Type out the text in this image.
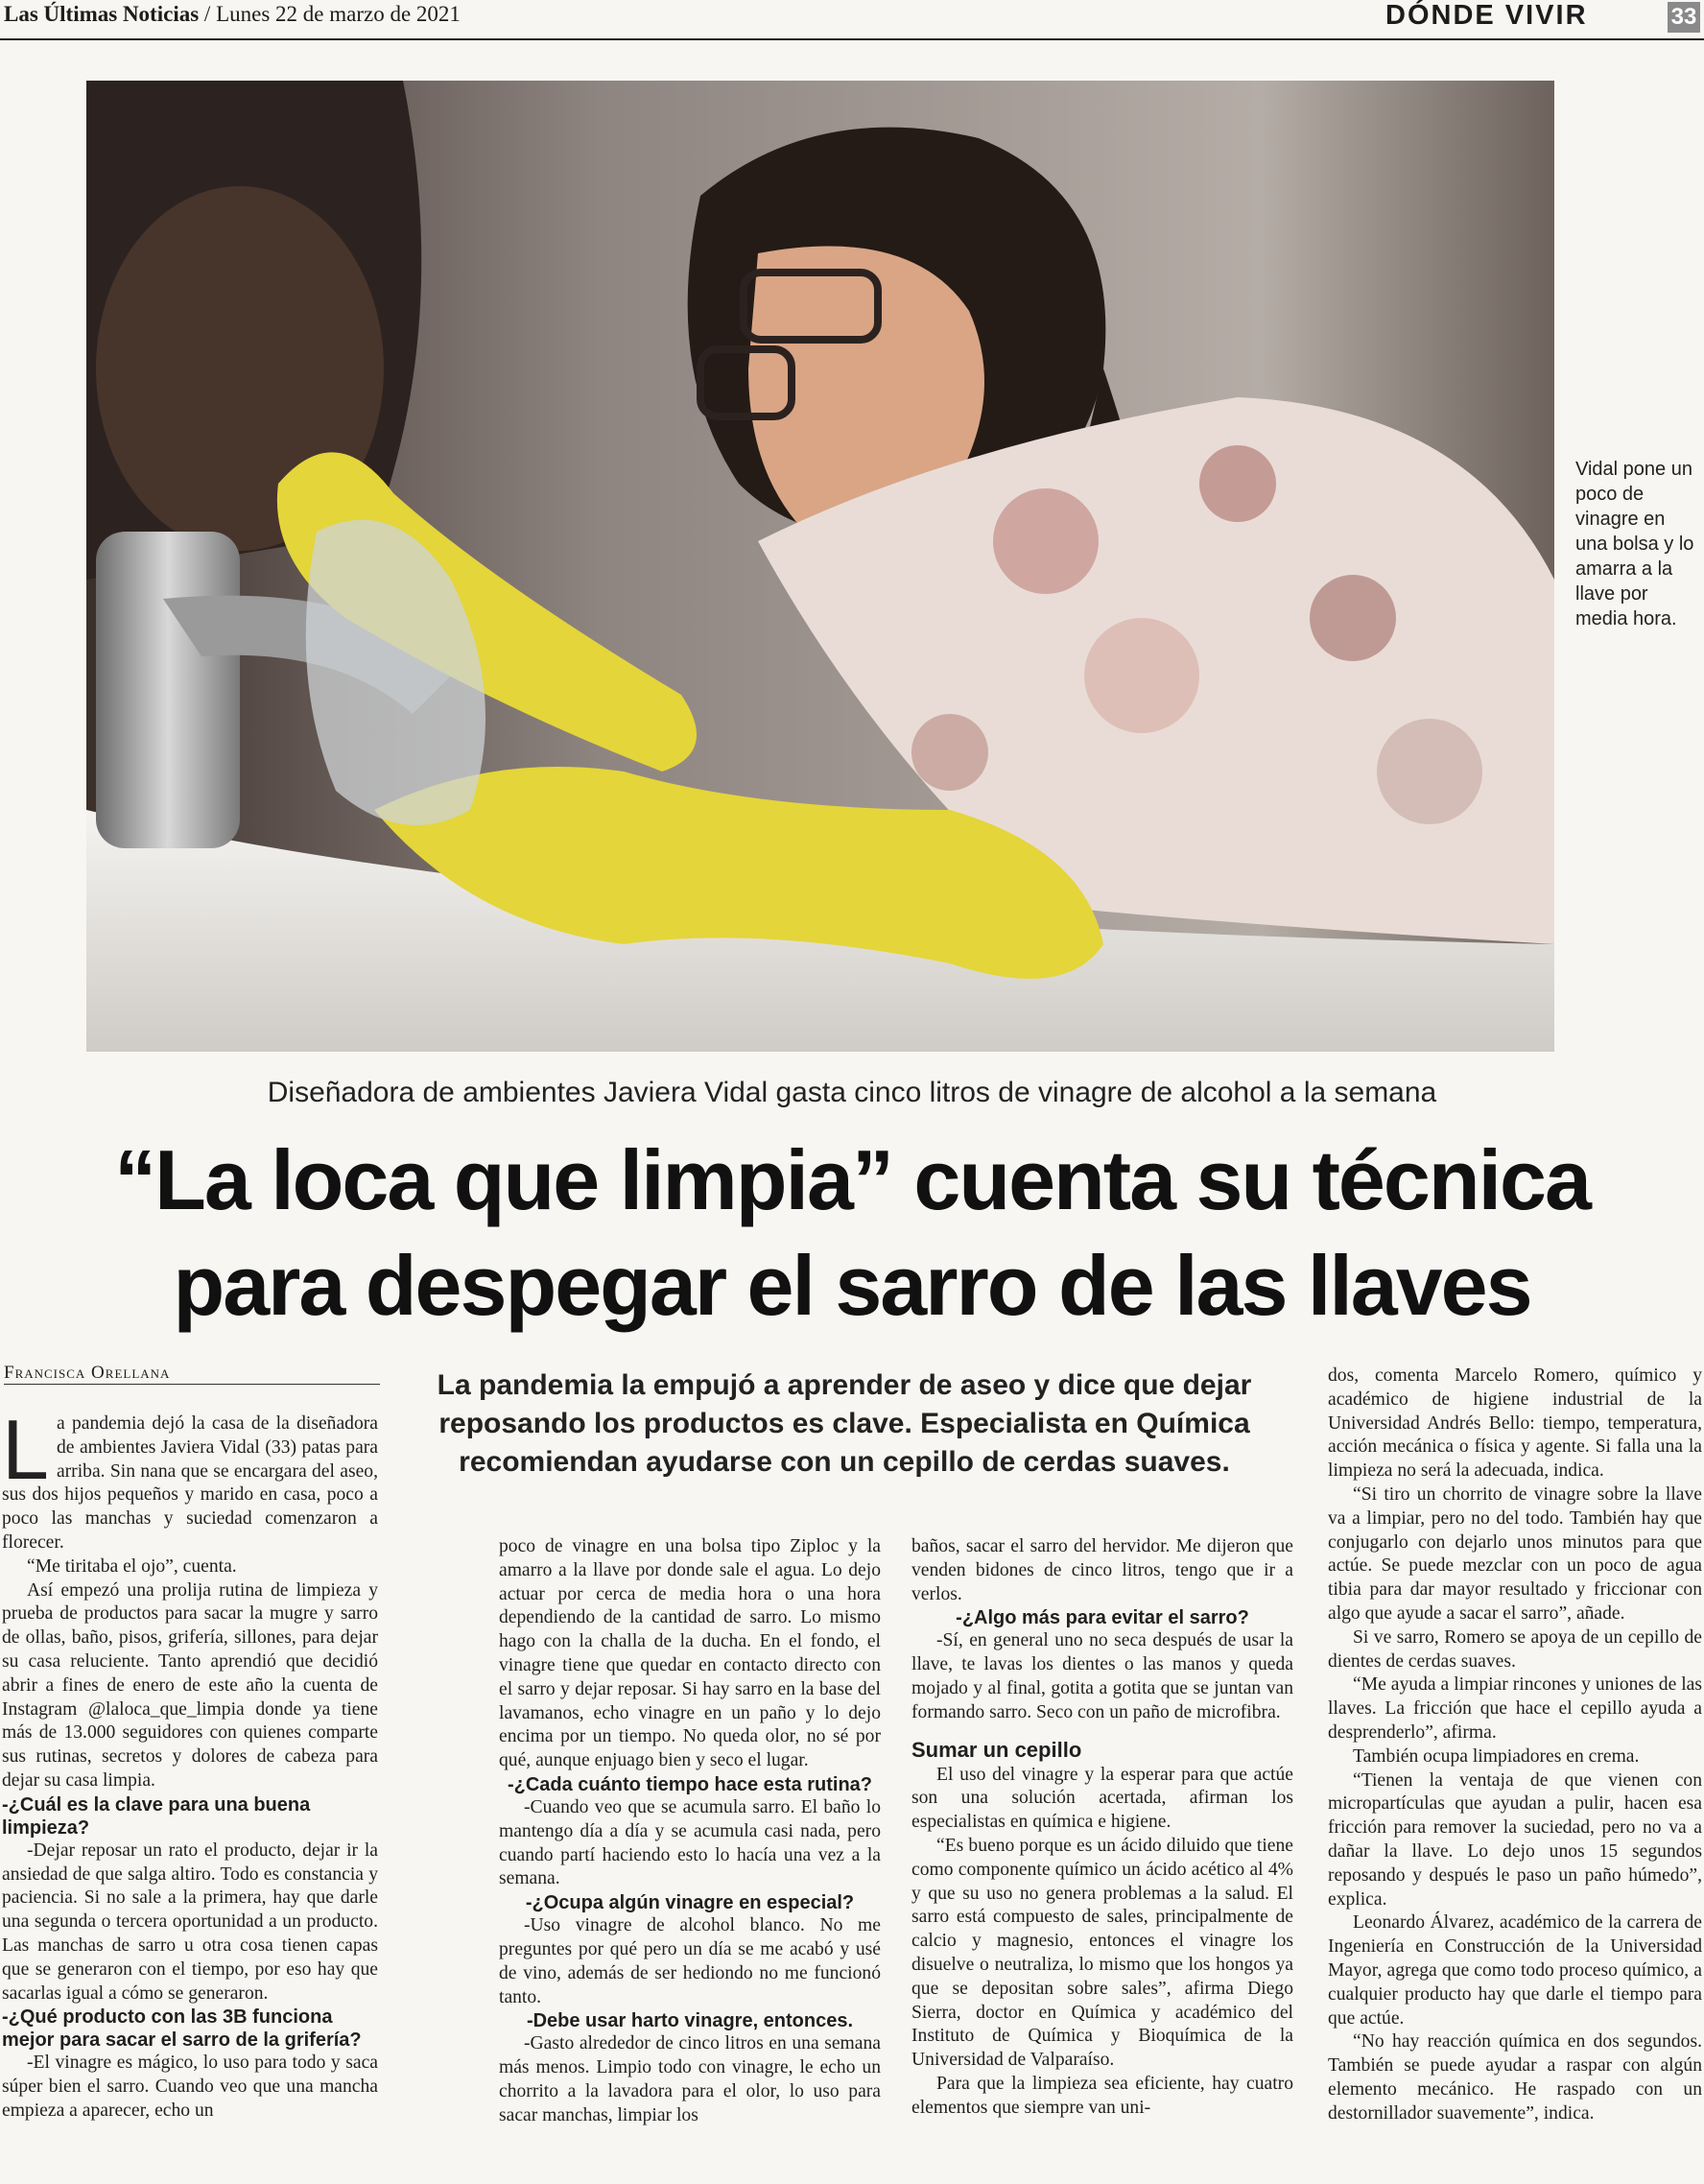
Las Últimas Noticias / Lunes 22 de marzo de 2021	DÓNDE VIVIR	33
Vidal pone un poco de vinagre en una bolsa y lo amarra a la llave por media hora.
Diseñadora de ambientes Javiera Vidal gasta cinco litros de vinagre de alcohol a la semana
“La loca que limpia” cuenta su técnica
para despegar el sarro de las llaves
Francisca Orellana	La pandemia la empujó a aprender de aseo y dice que dejar reposando los productos es clave. Especialista en Química recomiendan ayudarse con un cepillo de cerdas suaves.

La pandemia dejó la casa de la diseñadora de ambientes Javiera Vidal (33) patas para arriba. Sin nana que se encargara del aseo, sus dos hijos pequeños y marido en casa, poco a poco las manchas y suciedad comenzaron a florecer.

“Me tiritaba el ojo”, cuenta.

Así empezó una prolija rutina de limpieza y prueba de productos para sacar la mugre y sarro de ollas, baño, pisos, grifería, sillones, para dejar su casa reluciente. Tanto aprendió que decidió abrir a fines de enero de este año la cuenta de Instagram @laloca_que_limpia donde ya tiene más de 13.000 seguidores con quienes comparte sus rutinas, secretos y dolores de cabeza para dejar su casa limpia.

-¿Cuál es la clave para una buena limpieza?

-Dejar reposar un rato el producto, dejar ir la ansiedad de que salga altiro. Todo es constancia y paciencia. Si no sale a la primera, hay que darle una segunda o tercera oportunidad a un producto. Las manchas de sarro u otra cosa tienen capas que se generaron con el tiempo, por eso hay que sacarlas igual a cómo se generaron.

-¿Qué producto con las 3B funciona mejor para sacar el sarro de la grifería?

-El vinagre es mágico, lo uso para todo y saca súper bien el sarro. Cuando veo que una mancha empieza a aparecer, echo un

poco de vinagre en una bolsa tipo Ziploc y la amarro a la llave por donde sale el agua. Lo dejo actuar por cerca de media hora o una hora dependiendo de la cantidad de sarro. Lo mismo hago con la challa de la ducha. En el fondo, el vinagre tiene que quedar en contacto directo con el sarro y dejar reposar. Si hay sarro en la base del lavamanos, echo vinagre en un paño y lo dejo encima por un tiempo. No queda olor, no sé por qué, aunque enjuago bien y seco el lugar.

-¿Cada cuánto tiempo hace esta rutina?

-Cuando veo que se acumula sarro. El baño lo mantengo día a día y se acumula casi nada, pero cuando partí haciendo esto lo hacía una vez a la semana.

-¿Ocupa algún vinagre en especial?

-Uso vinagre de alcohol blanco. No me preguntes por qué pero un día se me acabó y usé de vino, además de ser hediondo no me funcionó tanto.

-Debe usar harto vinagre, entonces.

-Gasto alrededor de cinco litros en una semana más menos. Limpio todo con vinagre, le echo un chorrito a la lavadora para el olor, lo uso para sacar manchas, limpiar los

baños, sacar el sarro del hervidor. Me dijeron que venden bidones de cinco litros, tengo que ir a verlos.

-¿Algo más para evitar el sarro?

-Sí, en general uno no seca después de usar la llave, te lavas los dientes o las manos y queda mojado y al final, gotita a gotita que se juntan van formando sarro. Seco con un paño de microfibra.

Sumar un cepillo

El uso del vinagre y la esperar para que actúe son una solución acertada, afirman los especialistas en química e higiene.

“Es bueno porque es un ácido diluido que tiene como componente químico un ácido acético al 4% y que su uso no genera problemas a la salud. El sarro está compuesto de sales, principalmente de calcio y magnesio, entonces el vinagre los disuelve o neutraliza, lo mismo que los hongos ya que se depositan sobre sales”, afirma Diego Sierra, doctor en Química y académico del Instituto de Química y Bioquímica de la Universidad de Valparaíso.

Para que la limpieza sea eficiente, hay cuatro elementos que siempre van uni-

dos, comenta Marcelo Romero, químico y académico de higiene industrial de la Universidad Andrés Bello: tiempo, temperatura, acción mecánica o física y agente. Si falla una la limpieza no será la adecuada, indica.

“Si tiro un chorrito de vinagre sobre la llave va a limpiar, pero no del todo. También hay que conjugarlo con dejarlo unos minutos para que actúe. Se puede mezclar con un poco de agua tibia para dar mayor resultado y friccionar con algo que ayude a sacar el sarro”, añade.

Si ve sarro, Romero se apoya de un cepillo de dientes de cerdas suaves.

“Me ayuda a limpiar rincones y uniones de las llaves. La fricción que hace el cepillo ayuda a desprenderlo”, afirma.

También ocupa limpiadores en crema.

“Tienen la ventaja de que vienen con micropartículas que ayudan a pulir, hacen esa fricción para remover la suciedad, pero no va a dañar la llave. Lo dejo unos 15 segundos reposando y después le paso un paño húmedo”, explica.

Leonardo Álvarez, académico de la carrera de Ingeniería en Construcción de la Universidad Mayor, agrega que como todo proceso químico, a cualquier producto hay que darle el tiempo para que actúe.

“No hay reacción química en dos segundos. También se puede ayudar a raspar con algún elemento mecánico. He raspado con un destornillador suavemente”, indica.
